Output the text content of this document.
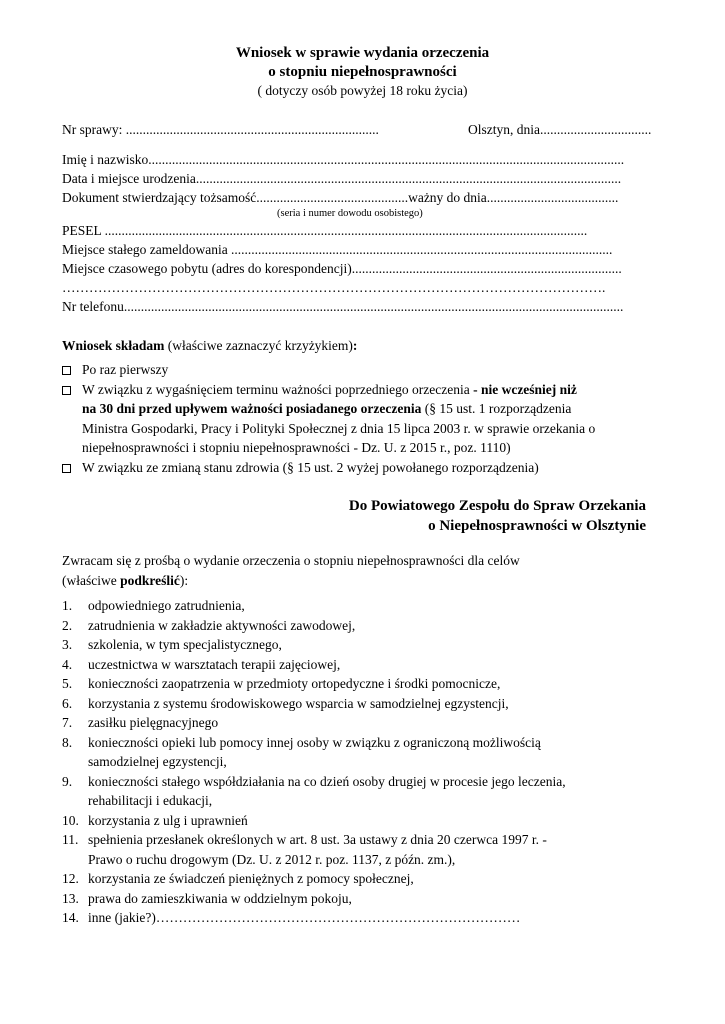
Wniosek w sprawie wydania orzeczenia
o stopniu niepełnosprawności
( dotyczy osób powyżej 18 roku życia)
Nr sprawy: ...........................................................................	Olsztyn, dnia.................................
Imię i nazwisko.............................................................................................................................................
Data i miejsce urodzenia..............................................................................................................................
Dokument stwierdzający tożsamość.............................................ważny do dnia.......................................
(seria i numer dowodu osobistego)
PESEL ...............................................................................................................................................
Miejsce stałego zameldowania .................................................................................................................
Miejsce czasowego pobytu (adres do korespondencji)................................................................................
………………………………………………………………………………………………………….
Nr telefonu....................................................................................................................................................
Wniosek składam (właściwe zaznaczyć krzyżykiem):
Po raz pierwszy
W związku z wygaśnięciem terminu ważności poprzedniego orzeczenia - nie wcześniej niż
na 30 dni przed upływem ważności posiadanego orzeczenia (§ 15 ust. 1 rozporządzenia
Ministra Gospodarki, Pracy i Polityki Społecznej z dnia 15 lipca 2003 r. w sprawie orzekania o
niepełnosprawności i stopniu niepełnosprawności - Dz. U. z 2015 r., poz. 1110)
W związku ze zmianą stanu zdrowia (§ 15 ust. 2 wyżej powołanego rozporządzenia)
Do Powiatowego Zespołu do Spraw Orzekania
o Niepełnosprawności w Olsztynie
Zwracam się z prośbą o wydanie orzeczenia o stopniu niepełnosprawności dla celów
(właściwe podkreślić):
1. odpowiedniego zatrudnienia,
2. zatrudnienia w zakładzie aktywności zawodowej,
3. szkolenia, w tym specjalistycznego,
4. uczestnictwa w warsztatach terapii zajęciowej,
5. konieczności zaopatrzenia w przedmioty ortopedyczne i środki pomocnicze,
6. korzystania z systemu środowiskowego wsparcia w samodzielnej egzystencji,
7. zasiłku pielęgnacyjnego
8. konieczności opieki lub pomocy innej osoby w związku z ograniczoną możliwością
samodzielnej egzystencji,
9. konieczności stałego współdziałania na co dzień osoby drugiej w procesie jego leczenia,
rehabilitacji i edukacji,
10. korzystania z ulg i uprawnień
11. spełnienia przesłanek określonych w art. 8 ust. 3a ustawy z dnia 20 czerwca 1997 r. -
Prawo o ruchu drogowym (Dz. U. z 2012 r. poz. 1137, z późn. zm.),
12. korzystania ze świadczeń pieniężnych z pomocy społecznej,
13. prawa do zamieszkiwania w oddzielnym pokoju,
14. inne (jakie?)………………………………………………………………………
